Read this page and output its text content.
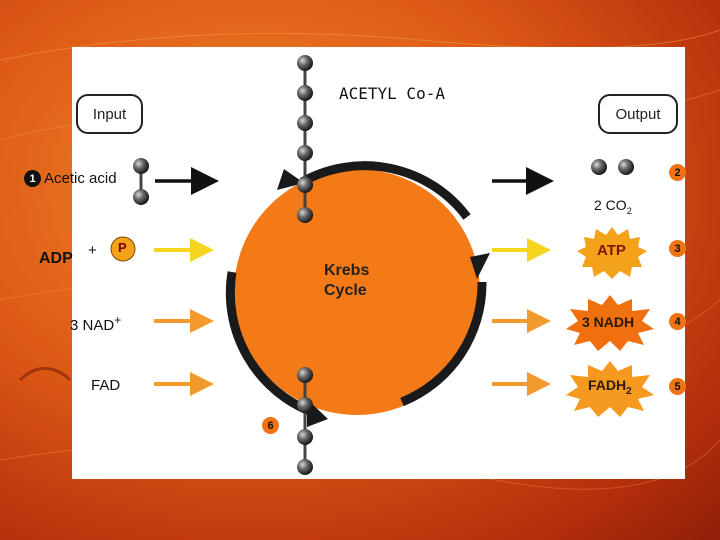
ACETYL Co-A
Input	Output
Acetic acid
2 $CO_2$
ADP + P
3 NAD+
FAD
Krebs
Cycle
ATP
3 NADH
$FADH_2$
2
3
4
5
6
1
